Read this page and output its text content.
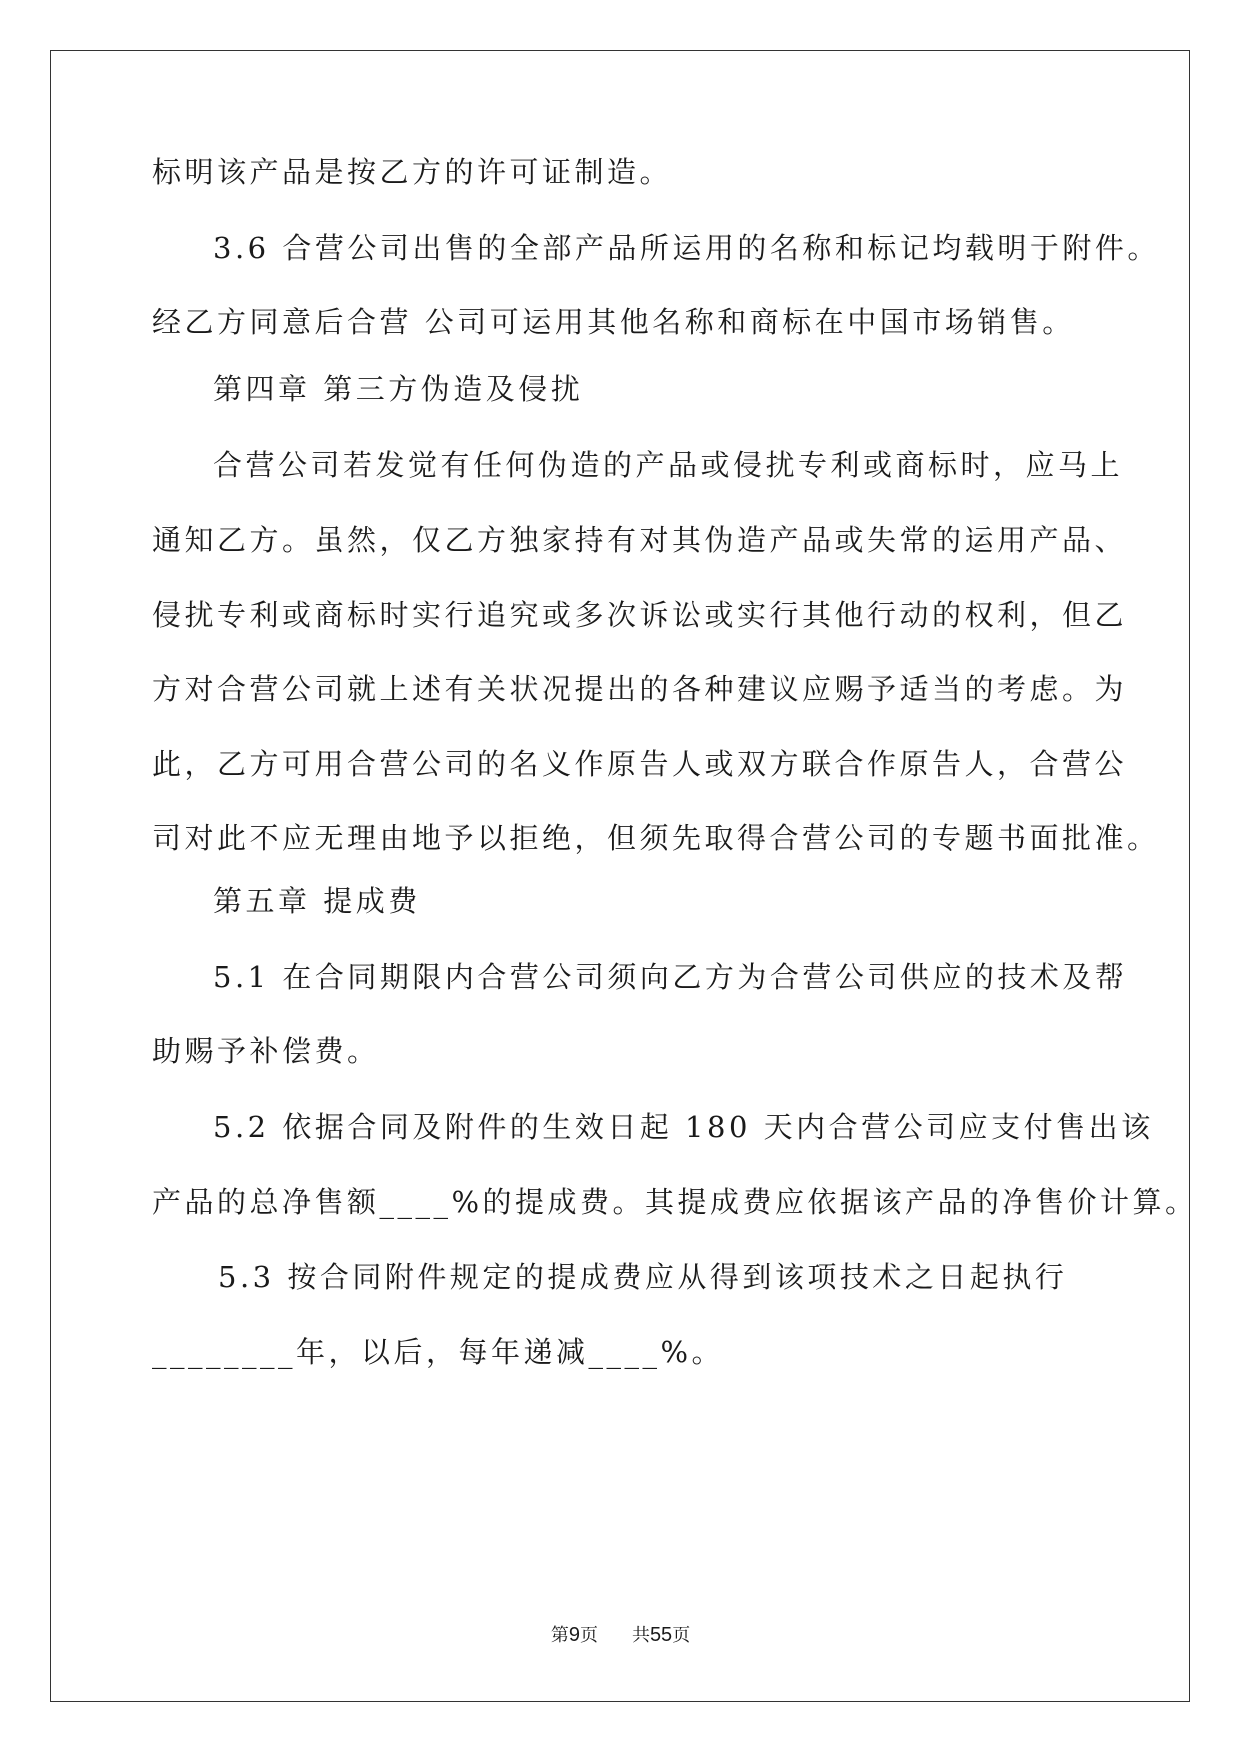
标明该产品是按乙方的许可证制造。
3.6 合营公司出售的全部产品所运用的名称和标记均载明于附件。
经乙方同意后合营 公司可运用其他名称和商标在中国市场销售。
第四章 第三方伪造及侵扰
合营公司若发觉有任何伪造的产品或侵扰专利或商标时，应马上
通知乙方。虽然，仅乙方独家持有对其伪造产品或失常的运用产品、
侵扰专利或商标时实行追究或多次诉讼或实行其他行动的权利，但乙
方对合营公司就上述有关状况提出的各种建议应赐予适当的考虑。为
此，乙方可用合营公司的名义作原告人或双方联合作原告人，合营公
司对此不应无理由地予以拒绝，但须先取得合营公司的专题书面批准。
第五章 提成费
5.1 在合同期限内合营公司须向乙方为合营公司供应的技术及帮
助赐予补偿费。
5.2 依据合同及附件的生效日起 180 天内合营公司应支付售出该
产品的总净售额____%的提成费。其提成费应依据该产品的净售价计算。
5.3 按合同附件规定的提成费应从得到该项技术之日起执行
________年，以后，每年递减____%。
第9页 共55页
